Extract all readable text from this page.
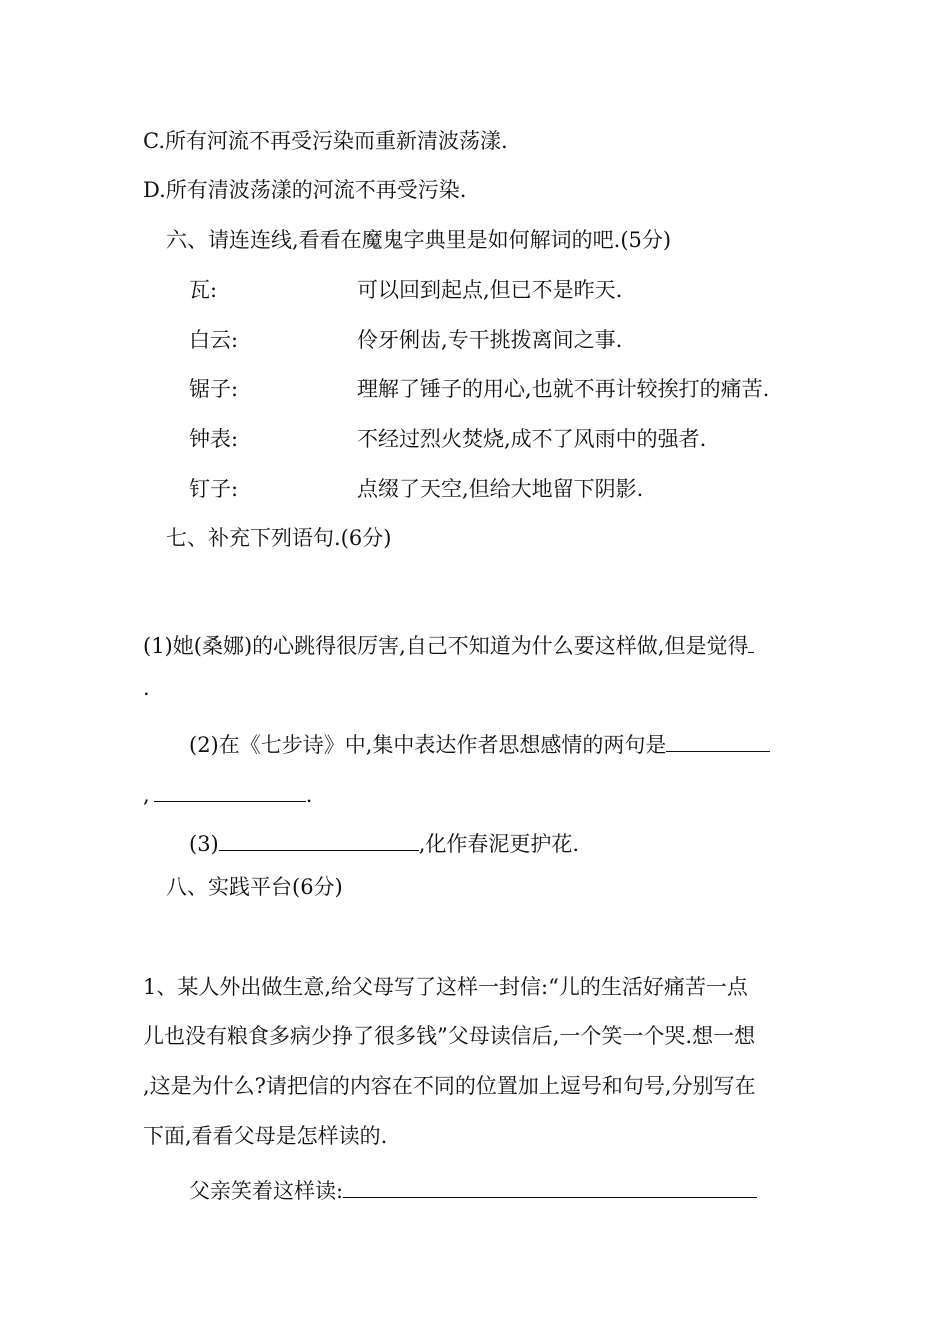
C.所有河流不再受污染而重新清波荡漾.
D.所有清波荡漾的河流不再受污染.
六、请连连线,看看在魔鬼字典里是如何解词的吧.(5分)
瓦:	可以回到起点,但已不是昨天.
白云:	伶牙俐齿,专干挑拨离间之事.
锯子:	理解了锤子的用心,也就不再计较挨打的痛苦.
钟表:	不经过烈火焚烧,成不了风雨中的强者.
钉子:	点缀了天空,但给大地留下阴影.
七、补充下列语句.(6分)
(1)她(桑娜)的心跳得很厉害,自己不知道为什么要这样做,但是觉得
.
(2)在《七步诗》中,集中表达作者思想感情的两句是
,	.
(3)	,化作春泥更护花.
八、实践平台(6分)
1、某人外出做生意,给父母写了这样一封信:“儿的生活好痛苦一点
儿也没有粮食多病少挣了很多钱”父母读信后,一个笑一个哭.想一想
,这是为什么?请把信的内容在不同的位置加上逗号和句号,分别写在
下面,看看父母是怎样读的.
父亲笑着这样读:
